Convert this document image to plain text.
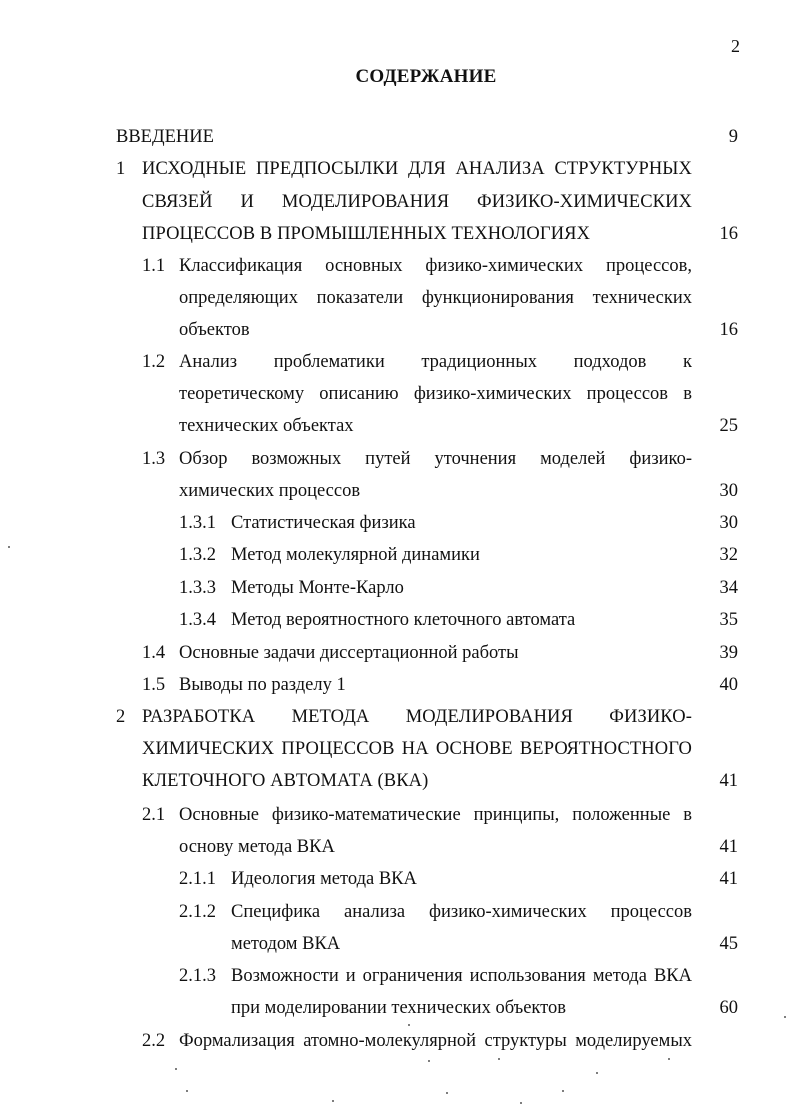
2
СОДЕРЖАНИЕ
ВВЕДЕНИЕ	9
1 ИСХОДНЫЕ ПРЕДПОСЫЛКИ ДЛЯ АНАЛИЗА СТРУКТУРНЫХ
СВЯЗЕЙ И МОДЕЛИРОВАНИЯ ФИЗИКО-ХИМИЧЕСКИХ
ПРОЦЕССОВ В ПРОМЫШЛЕННЫХ ТЕХНОЛОГИЯХ	16
1.1 Классификация основных физико-химических процессов,
определяющих показатели функционирования технических
объектов	16
1.2 Анализ проблематики традиционных подходов к
теоретическому описанию физико-химических процессов в
технических объектах	25
1.3 Обзор возможных путей уточнения моделей физико-
химических процессов	30
1.3.1 Статистическая физика	30
1.3.2 Метод молекулярной динамики	32
1.3.3 Методы Монте-Карло	34
1.3.4 Метод вероятностного клеточного автомата	35
1.4 Основные задачи диссертационной работы	39
1.5 Выводы по разделу 1	40
2 РАЗРАБОТКА МЕТОДА МОДЕЛИРОВАНИЯ ФИЗИКО-
ХИМИЧЕСКИХ ПРОЦЕССОВ НА ОСНОВЕ ВЕРОЯТНОСТНОГО
КЛЕТОЧНОГО АВТОМАТА (ВКА)	41
2.1 Основные физико-математические принципы, положенные в
основу метода ВКА	41
2.1.1 Идеология метода ВКА	41
2.1.2 Специфика анализа физико-химических процессов
методом ВКА	45
2.1.3 Возможности и ограничения использования метода ВКА
при моделировании технических объектов	60
2.2 Формализация атомно-молекулярной структуры моделируемых
